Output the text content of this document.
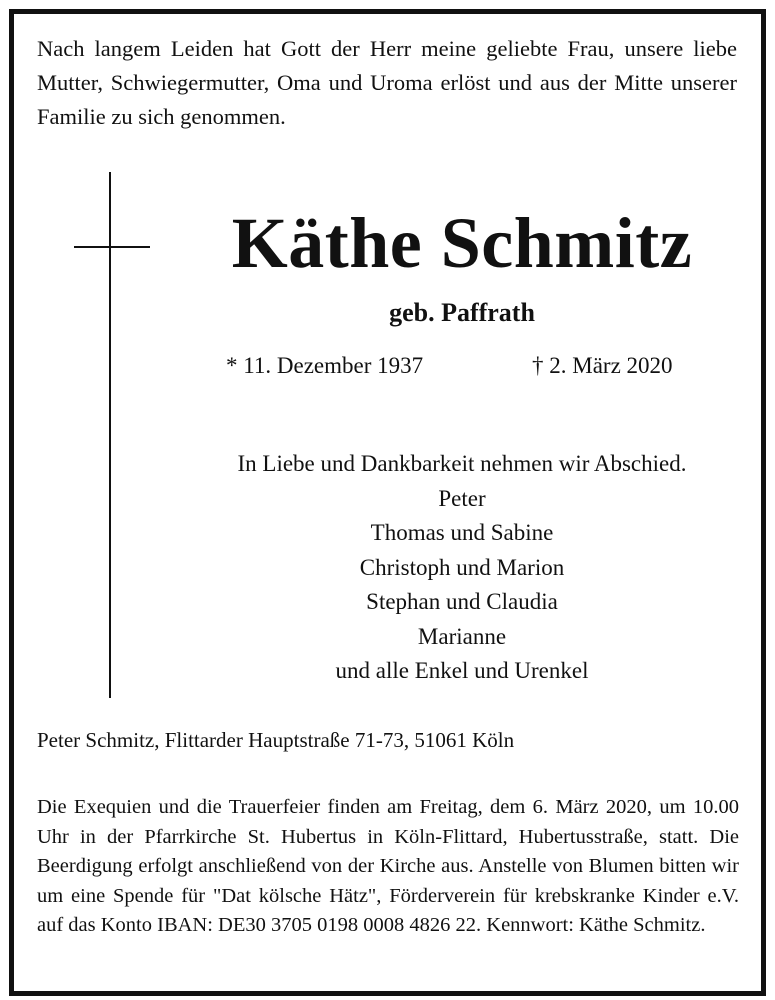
Nach langem Leiden hat Gott der Herr meine geliebte Frau, unsere liebe Mutter, Schwiegermutter, Oma und Uroma erlöst und aus der Mitte unserer Familie zu sich genommen.

Käthe Schmitz

geb. Paffrath

* 11. Dezember 1937	† 2. März 2020

In Liebe und Dankbarkeit nehmen wir Abschied.
Peter
Thomas und Sabine
Christoph und Marion
Stephan und Claudia
Marianne
und alle Enkel und Urenkel

Peter Schmitz, Flittarder Hauptstraße 71-73, 51061 Köln

Die Exequien und die Trauerfeier finden am Freitag, dem 6. März 2020, um 10.00 Uhr in der Pfarrkirche St. Hubertus in Köln-Flittard, Hubertusstraße, statt. Die Beerdigung erfolgt anschließend von der Kirche aus. Anstelle von Blumen bitten wir um eine Spende für "Dat kölsche Hätz", Förderverein für krebskranke Kinder e.V. auf das Konto IBAN: DE30 3705 0198 0008 4826 22. Kennwort: Käthe Schmitz.
